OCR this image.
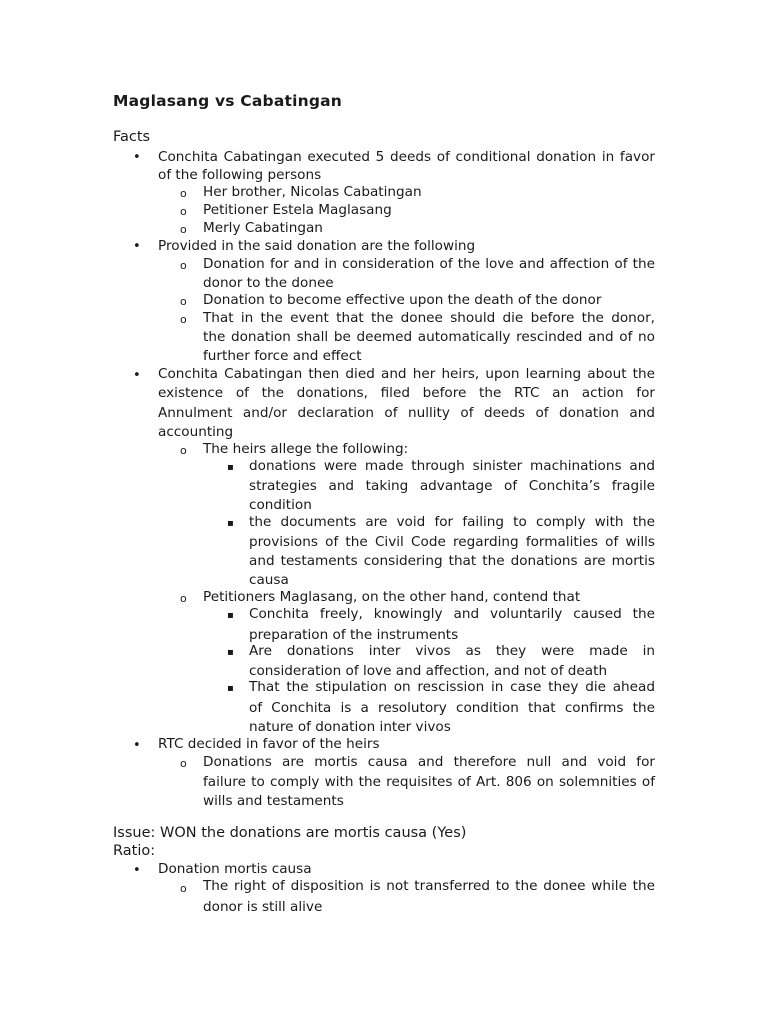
Maglasang vs Cabatingan
Facts
• Conchita Cabatingan executed 5 deeds of conditional donation in favor
of the following persons
o Her brother, Nicolas Cabatingan
o Petitioner Estela Maglasang
o Merly Cabatingan
• Provided in the said donation are the following
o Donation for and in consideration of the love and affection of the
donor to the donee
o Donation to become effective upon the death of the donor
o That in the event that the donee should die before the donor,
the donation shall be deemed automatically rescinded and of no
further force and effect
• Conchita Cabatingan then died and her heirs, upon learning about the
existence of the donations, filed before the RTC an action for
Annulment and/or declaration of nullity of deeds of donation and
accounting
o The heirs allege the following:
▪ donations were made through sinister machinations and
strategies and taking advantage of Conchita’s fragile
condition
▪ the documents are void for failing to comply with the
provisions of the Civil Code regarding formalities of wills
and testaments considering that the donations are mortis
causa
o Petitioners Maglasang, on the other hand, contend that
▪ Conchita freely, knowingly and voluntarily caused the
preparation of the instruments
▪ Are donations inter vivos as they were made in
consideration of love and affection, and not of death
▪ That the stipulation on rescission in case they die ahead
of Conchita is a resolutory condition that confirms the
nature of donation inter vivos
• RTC decided in favor of the heirs
o Donations are mortis causa and therefore null and void for
failure to comply with the requisites of Art. 806 on solemnities of
wills and testaments
Issue: WON the donations are mortis causa (Yes)
Ratio:
• Donation mortis causa
o The right of disposition is not transferred to the donee while the
donor is still alive
